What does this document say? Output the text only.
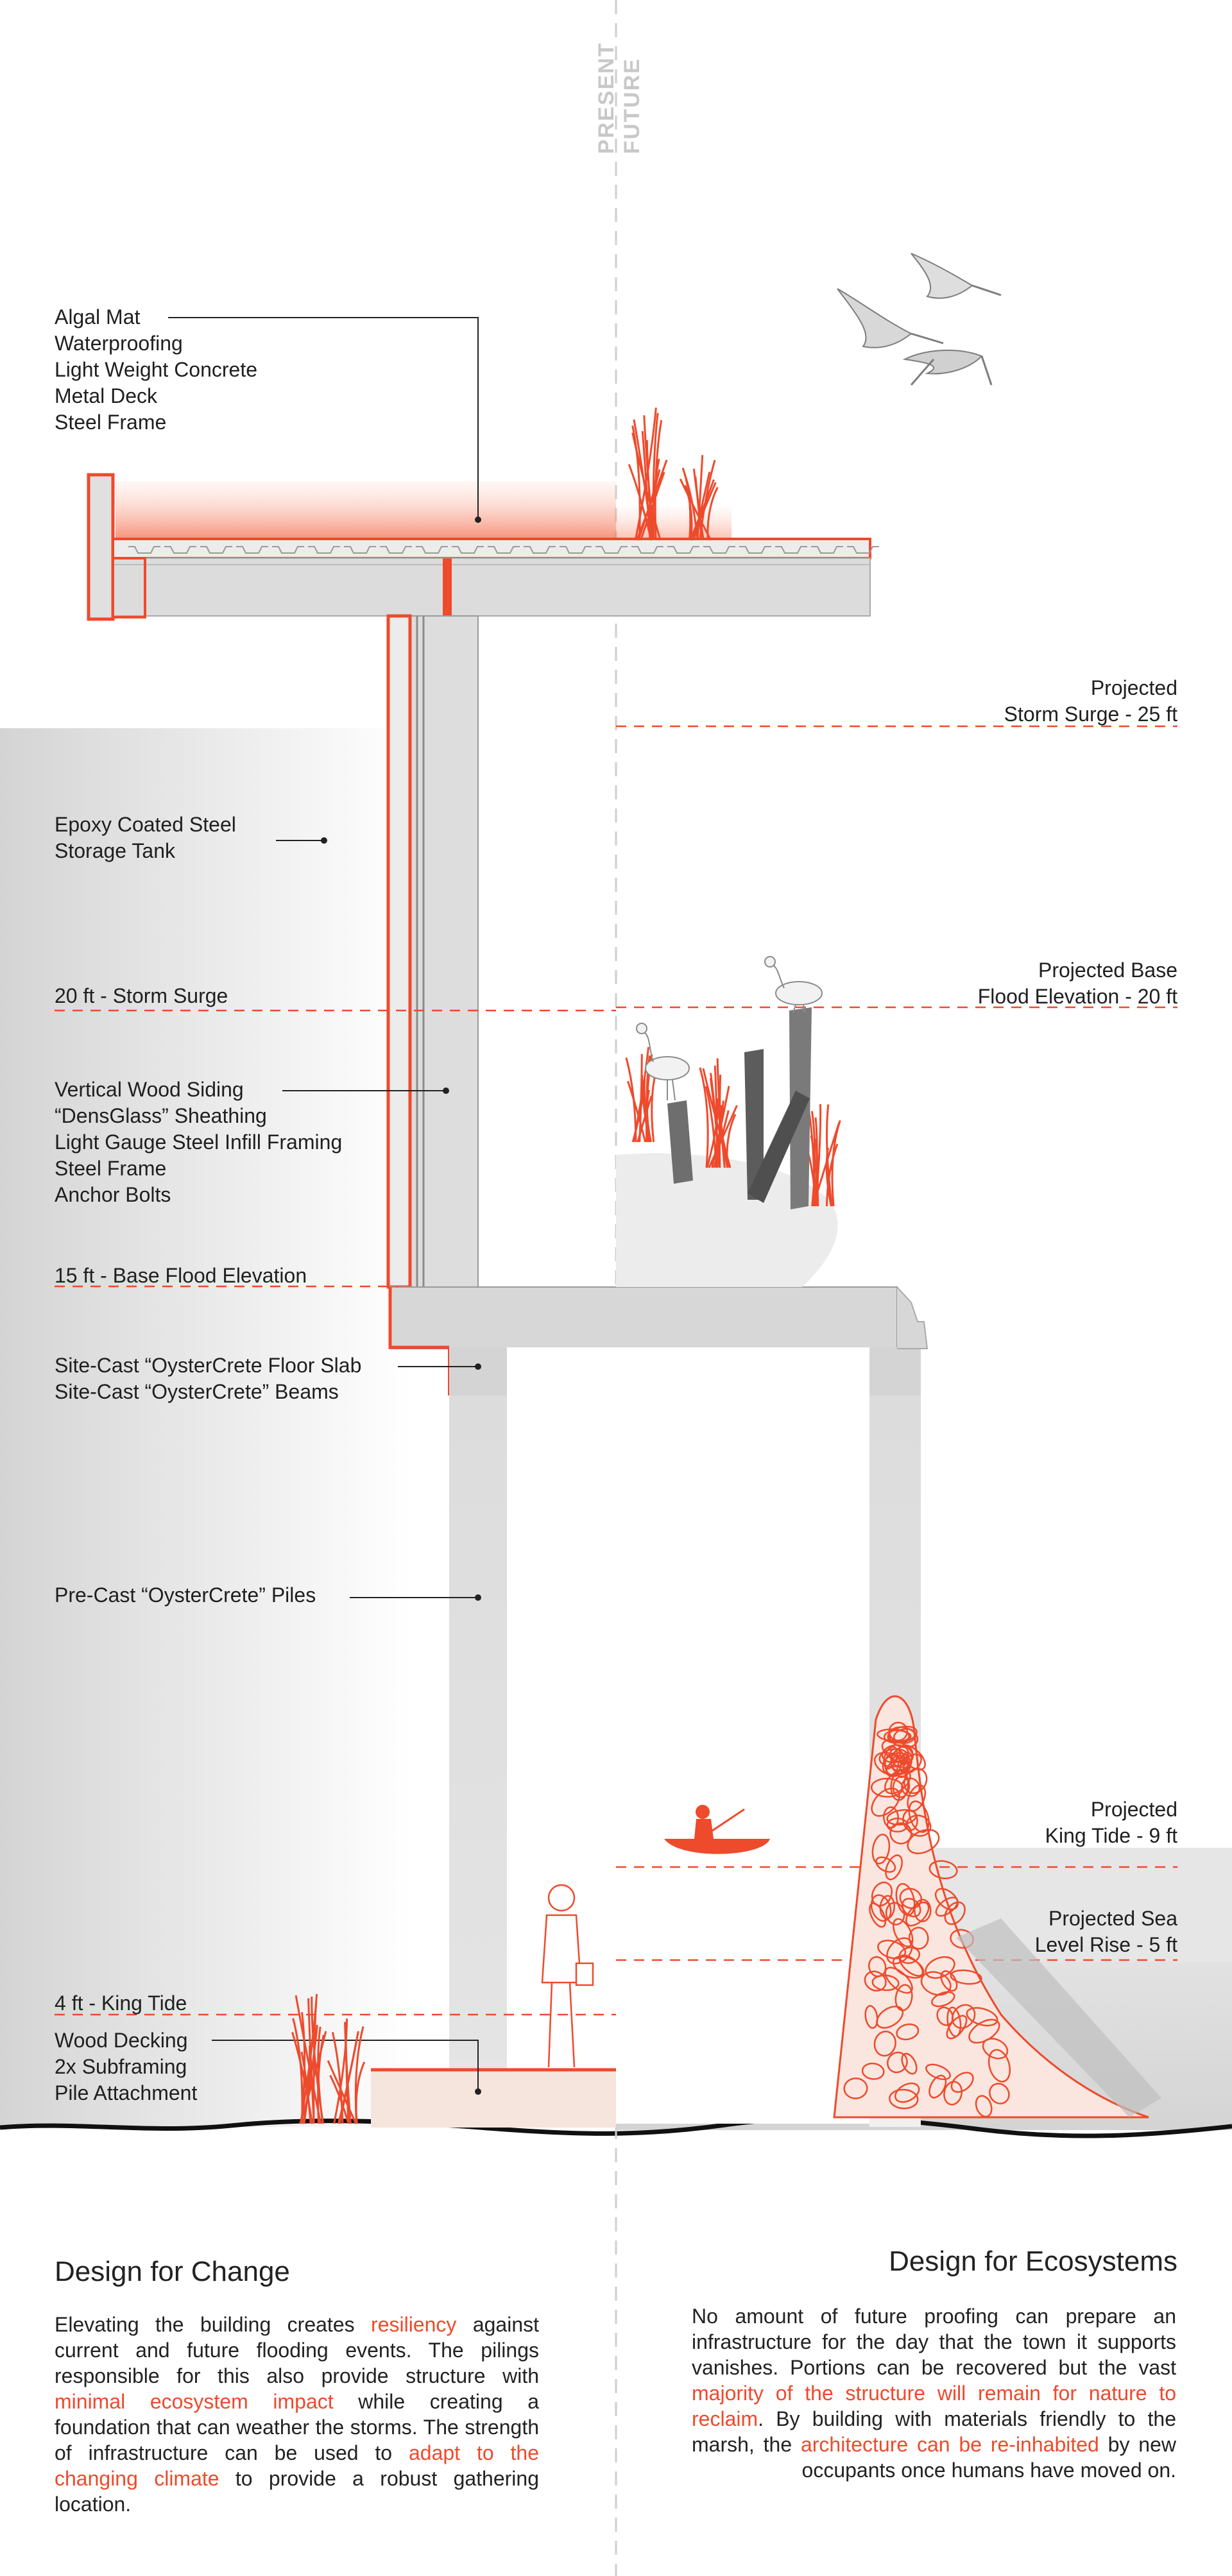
PRESENT FUTURE
Algal Mat
Waterproofing
Light Weight Concrete
Metal Deck
Steel Frame
Epoxy Coated Steel
Storage Tank
20 ft - Storm Surge
Vertical Wood Siding
“DensGlass” Sheathing
Light Gauge Steel Infill Framing
Steel Frame
Anchor Bolts
15 ft - Base Flood Elevation
Site-Cast “OysterCrete Floor Slab
Site-Cast “OysterCrete” Beams
Pre-Cast “OysterCrete” Piles
4 ft - King Tide
Wood Decking
2x Subframing
Pile Attachment
Projected
Storm Surge - 25 ft
Projected Base
Flood Elevation - 20 ft
Projected
King Tide - 9 ft
Projected Sea
Level Rise - 5 ft
Design for Change

Elevating the building creates resiliency against current and future flooding events. The pilings responsible for this also provide structure with minimal ecosystem impact while creating a foundation that can weather the storms. The strength of infrastructure can be used to adapt to the changing climate to provide a robust gathering location.

Design for Ecosystems

No amount of future proofing can prepare an infrastructure for the day that the town it supports vanishes. Portions can be recovered but the vast majority of the structure will remain for nature to reclaim. By building with materials friendly to the marsh, the architecture can be re-inhabited by new occupants once humans have moved on.
